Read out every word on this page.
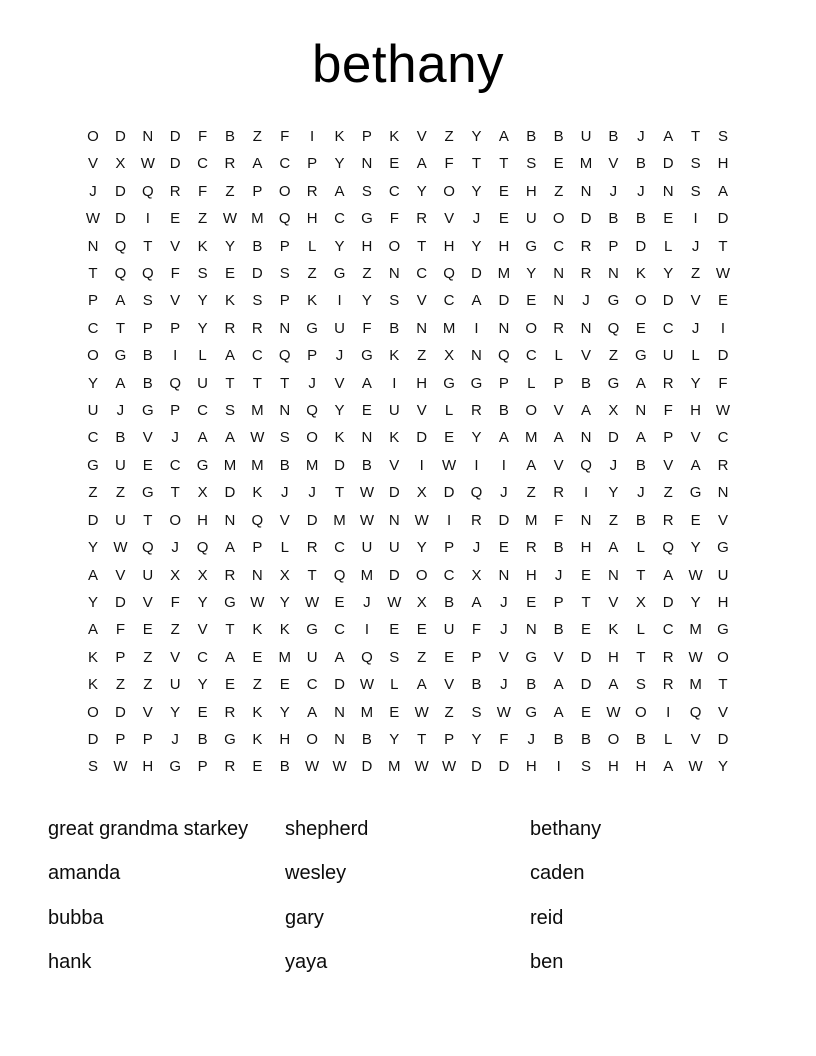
bethany
O	D	N	D	F	B	Z	F	I	K	P	K	V	Z	Y	A	B	B	U	B	J	A	T	S
V	X	W	D	C	R	A	C	P	Y	N	E	A	F	T	T	S	E	M	V	B	D	S	H
J	D	Q	R	F	Z	P	O	R	A	S	C	Y	O	Y	E	H	Z	N	J	J	N	S	A
W	D	I	E	Z	W	M	Q	H	C	G	F	R	V	J	E	U	O	D	B	B	E	I	D
N	Q	T	V	K	Y	B	P	L	Y	H	O	T	H	Y	H	G	C	R	P	D	L	J	T
T	Q	Q	F	S	E	D	S	Z	G	Z	N	C	Q	D	M	Y	N	R	N	K	Y	Z	W
P	A	S	V	Y	K	S	P	K	I	Y	S	V	C	A	D	E	N	J	G	O	D	V	E
C	T	P	P	Y	R	R	N	G	U	F	B	N	M	I	N	O	R	N	Q	E	C	J	I
O	G	B	I	L	A	C	Q	P	J	G	K	Z	X	N	Q	C	L	V	Z	G	U	L	D
Y	A	B	Q	U	T	T	T	J	V	A	I	H	G	G	P	L	P	B	G	A	R	Y	F
U	J	G	P	C	S	M	N	Q	Y	E	U	V	L	R	B	O	V	A	X	N	F	H	W
C	B	V	J	A	A	W	S	O	K	N	K	D	E	Y	A	M	A	N	D	A	P	V	C
G	U	E	C	G	M	M	B	M	D	B	V	I	W	I	I	A	V	Q	J	B	V	A	R
Z	Z	G	T	X	D	K	J	J	T	W	D	X	D	Q	J	Z	R	I	Y	J	Z	G	N
D	U	T	O	H	N	Q	V	D	M	W	N	W	I	R	D	M	F	N	Z	B	R	E	V
Y	W	Q	J	Q	A	P	L	R	C	U	U	Y	P	J	E	R	B	H	A	L	Q	Y	G
A	V	U	X	X	R	N	X	T	Q	M	D	O	C	X	N	H	J	E	N	T	A	W	U
Y	D	V	F	Y	G	W	Y	W	E	J	W	X	B	A	J	E	P	T	V	X	D	Y	H
A	F	E	Z	V	T	K	K	G	C	I	E	E	U	F	J	N	B	E	K	L	C	M	G
K	P	Z	V	C	A	E	M	U	A	Q	S	Z	E	P	V	G	V	D	H	T	R	W	O
K	Z	Z	U	Y	E	Z	E	C	D	W	L	A	V	B	J	B	A	D	A	S	R	M	T
O	D	V	Y	E	R	K	Y	A	N	M	E	W	Z	S	W	G	A	E	W	O	I	Q	V
D	P	P	J	B	G	K	H	O	N	B	Y	T	P	Y	F	J	B	B	O	B	L	V	D
S	W	H	G	P	R	E	B	W	W	D	M	W	W	D	D	H	I	S	H	H	A	W	Y
great grandma starkey	shepherd	bethany
amanda	wesley	caden
bubba	gary	reid
hank	yaya	ben
